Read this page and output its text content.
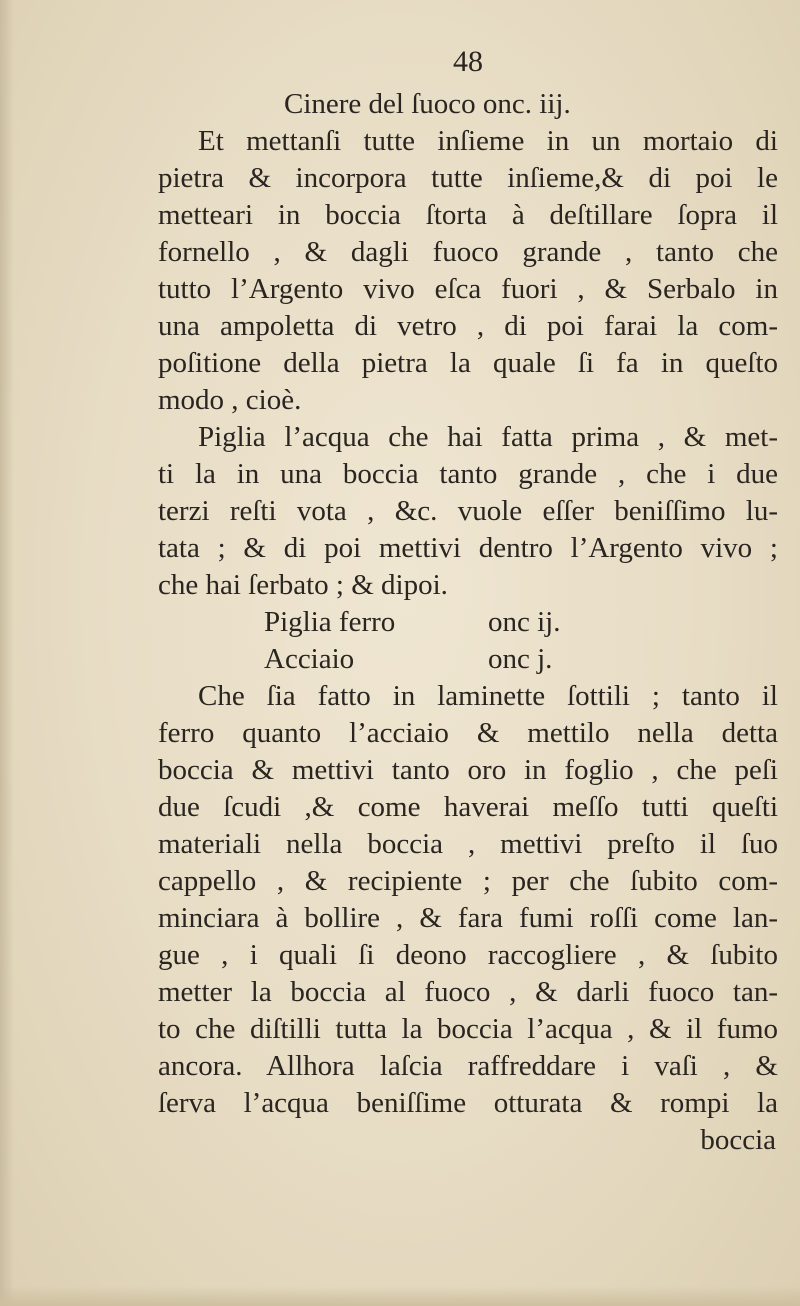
48
Cinere del ſuoco onc. iij.
Et mettanſi tutte inſieme in un mortaio di
pietra & incorpora tutte inſieme,& di poi le
metteari in boccia ſtorta à deſtillare ſopra il
fornello , & dagli fuoco grande , tanto che
tutto l’Argento vivo eſca fuori , & Serbalo in
una ampoletta di vetro , di poi farai la com-
poſitione della pietra la quale ſi fa in queſto
modo , cioè.
Piglia l’acqua che hai fatta prima , & met-
ti la in una boccia tanto grande , che i due
terzi reſti vota , &c. vuole eſſer beniſſimo lu-
tata ; & di poi mettivi dentro l’Argento vivo ;
che hai ſerbato ; & dipoi.
Piglia ferro	onc ij.
Acciaio	onc j.
Che ſia fatto in laminette ſottili ; tanto il
ferro quanto l’acciaio & mettilo nella detta
boccia & mettivi tanto oro in foglio , che peſi
due ſcudi ,& come haverai meſſo tutti queſti
materiali nella boccia , mettivi preſto il ſuo
cappello , & recipiente ; per che ſubito com-
minciara à bollire , & fara fumi roſſi come lan-
gue , i quali ſi deono raccogliere , & ſubito
metter la boccia al fuoco , & darli fuoco tan-
to che diſtilli tutta la boccia l’acqua , & il fumo
ancora. Allhora laſcia raffreddare i vaſi , &
ſerva l’acqua beniſſime otturata & rompi la
boccia
